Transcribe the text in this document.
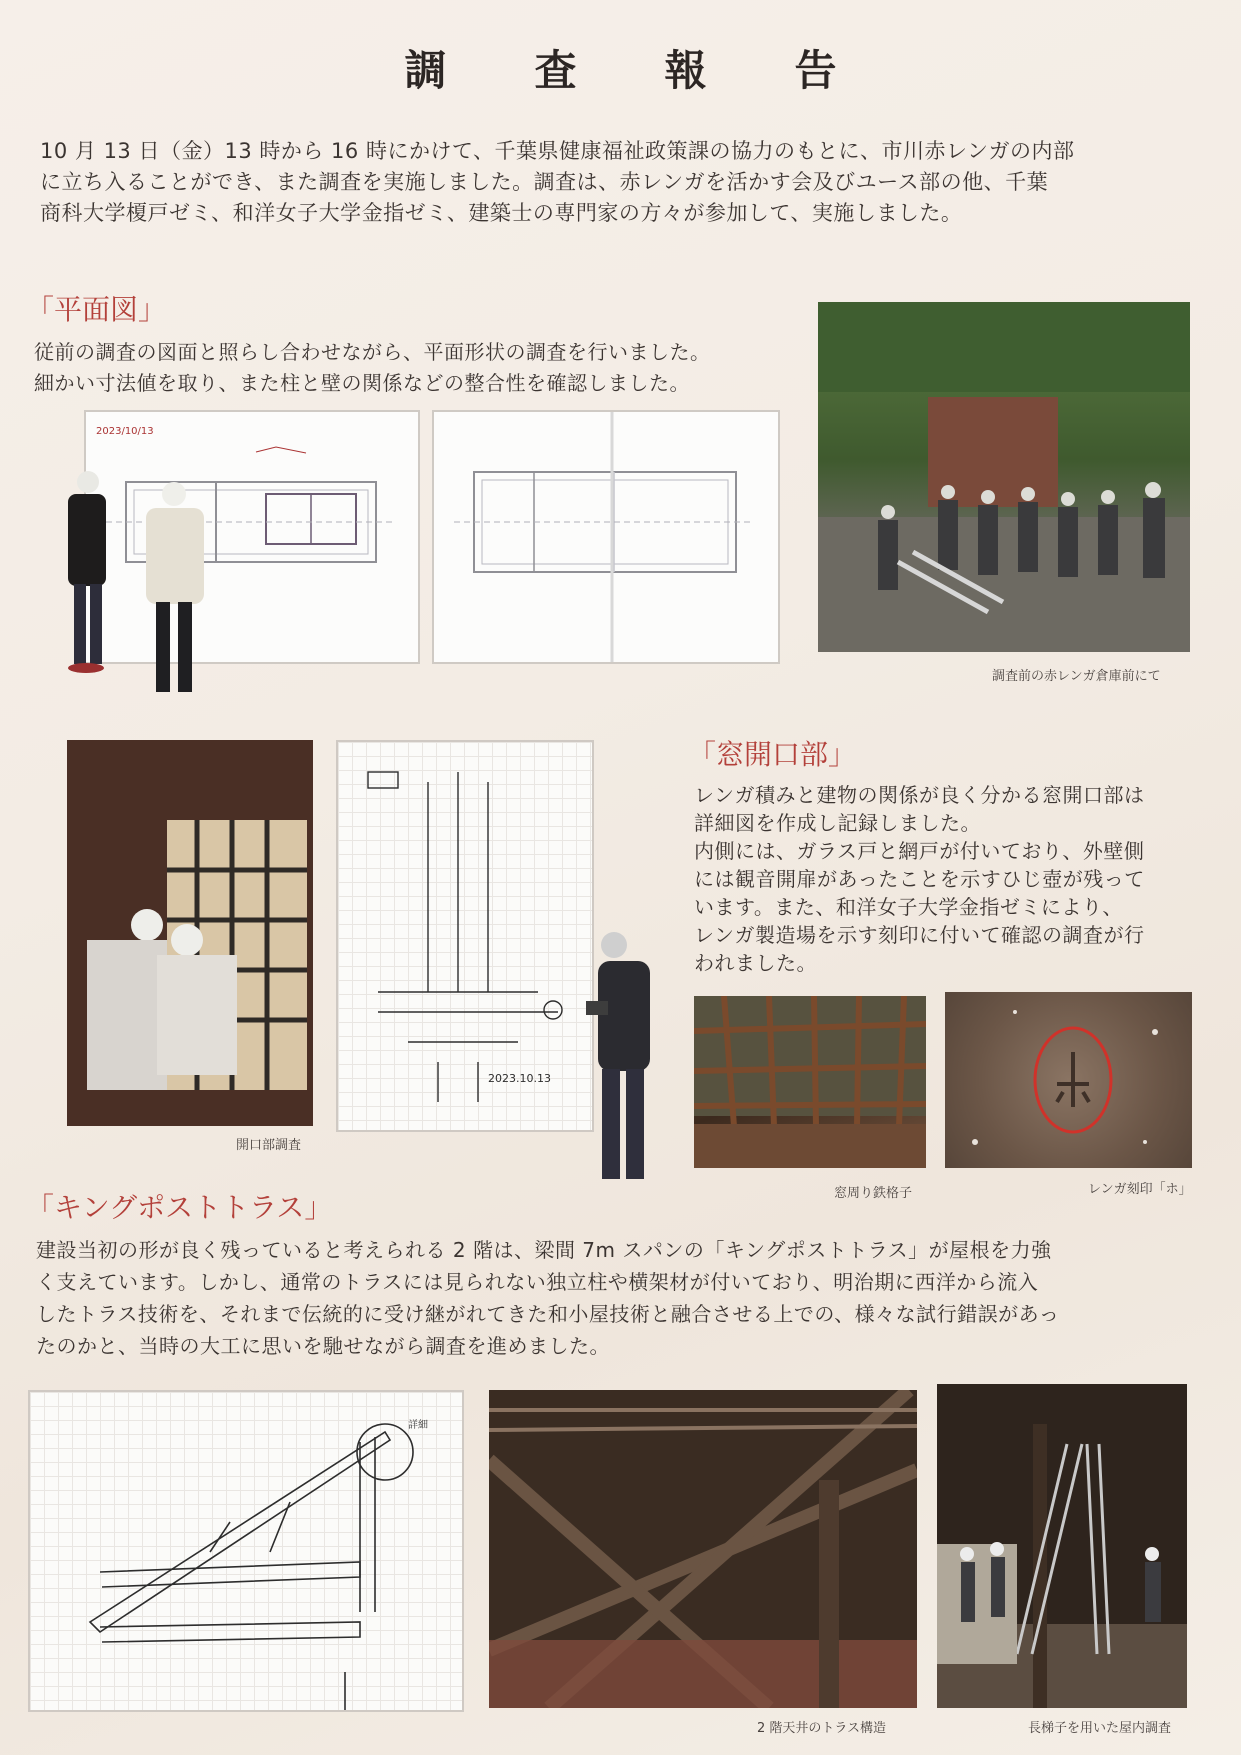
調 査 報 告
10 月 13 日（金）13 時から 16 時にかけて、千葉県健康福祉政策課の協力のもとに、市川赤レンガの内部
に立ち入ることができ、また調査を実施しました。調査は、赤レンガを活かす会及びユース部の他、千葉
商科大学榎戸ゼミ、和洋女子大学金指ゼミ、建築士の専門家の方々が参加して、実施しました。
「平面図」
従前の調査の図面と照らし合わせながら、平面形状の調査を行いました。
細かい寸法値を取り、また柱と壁の関係などの整合性を確認しました。
2023/10/13
調査前の赤レンガ倉庫前にて
開口部調査
2023.10.13
「窓開口部」
レンガ積みと建物の関係が良く分かる窓開口部は
詳細図を作成し記録しました。
内側には、ガラス戸と網戸が付いており、外壁側
には観音開扉があったことを示すひじ壺が残って
います。また、和洋女子大学金指ゼミにより、
レンガ製造場を示す刻印に付いて確認の調査が行
われました。
窓周り鉄格子	レンガ刻印「ホ」
「キングポストトラス」
建設当初の形が良く残っていると考えられる 2 階は、梁間 7m スパンの「キングポストトラス」が屋根を力強
く支えています。しかし、通常のトラスには見られない独立柱や横架材が付いており、明治期に西洋から流入
したトラス技術を、それまで伝統的に受け継がれてきた和小屋技術と融合させる上での、様々な試行錯誤があっ
たのかと、当時の大工に思いを馳せながら調査を進めました。
詳細
2 階天井のトラス構造	長梯子を用いた屋内調査
